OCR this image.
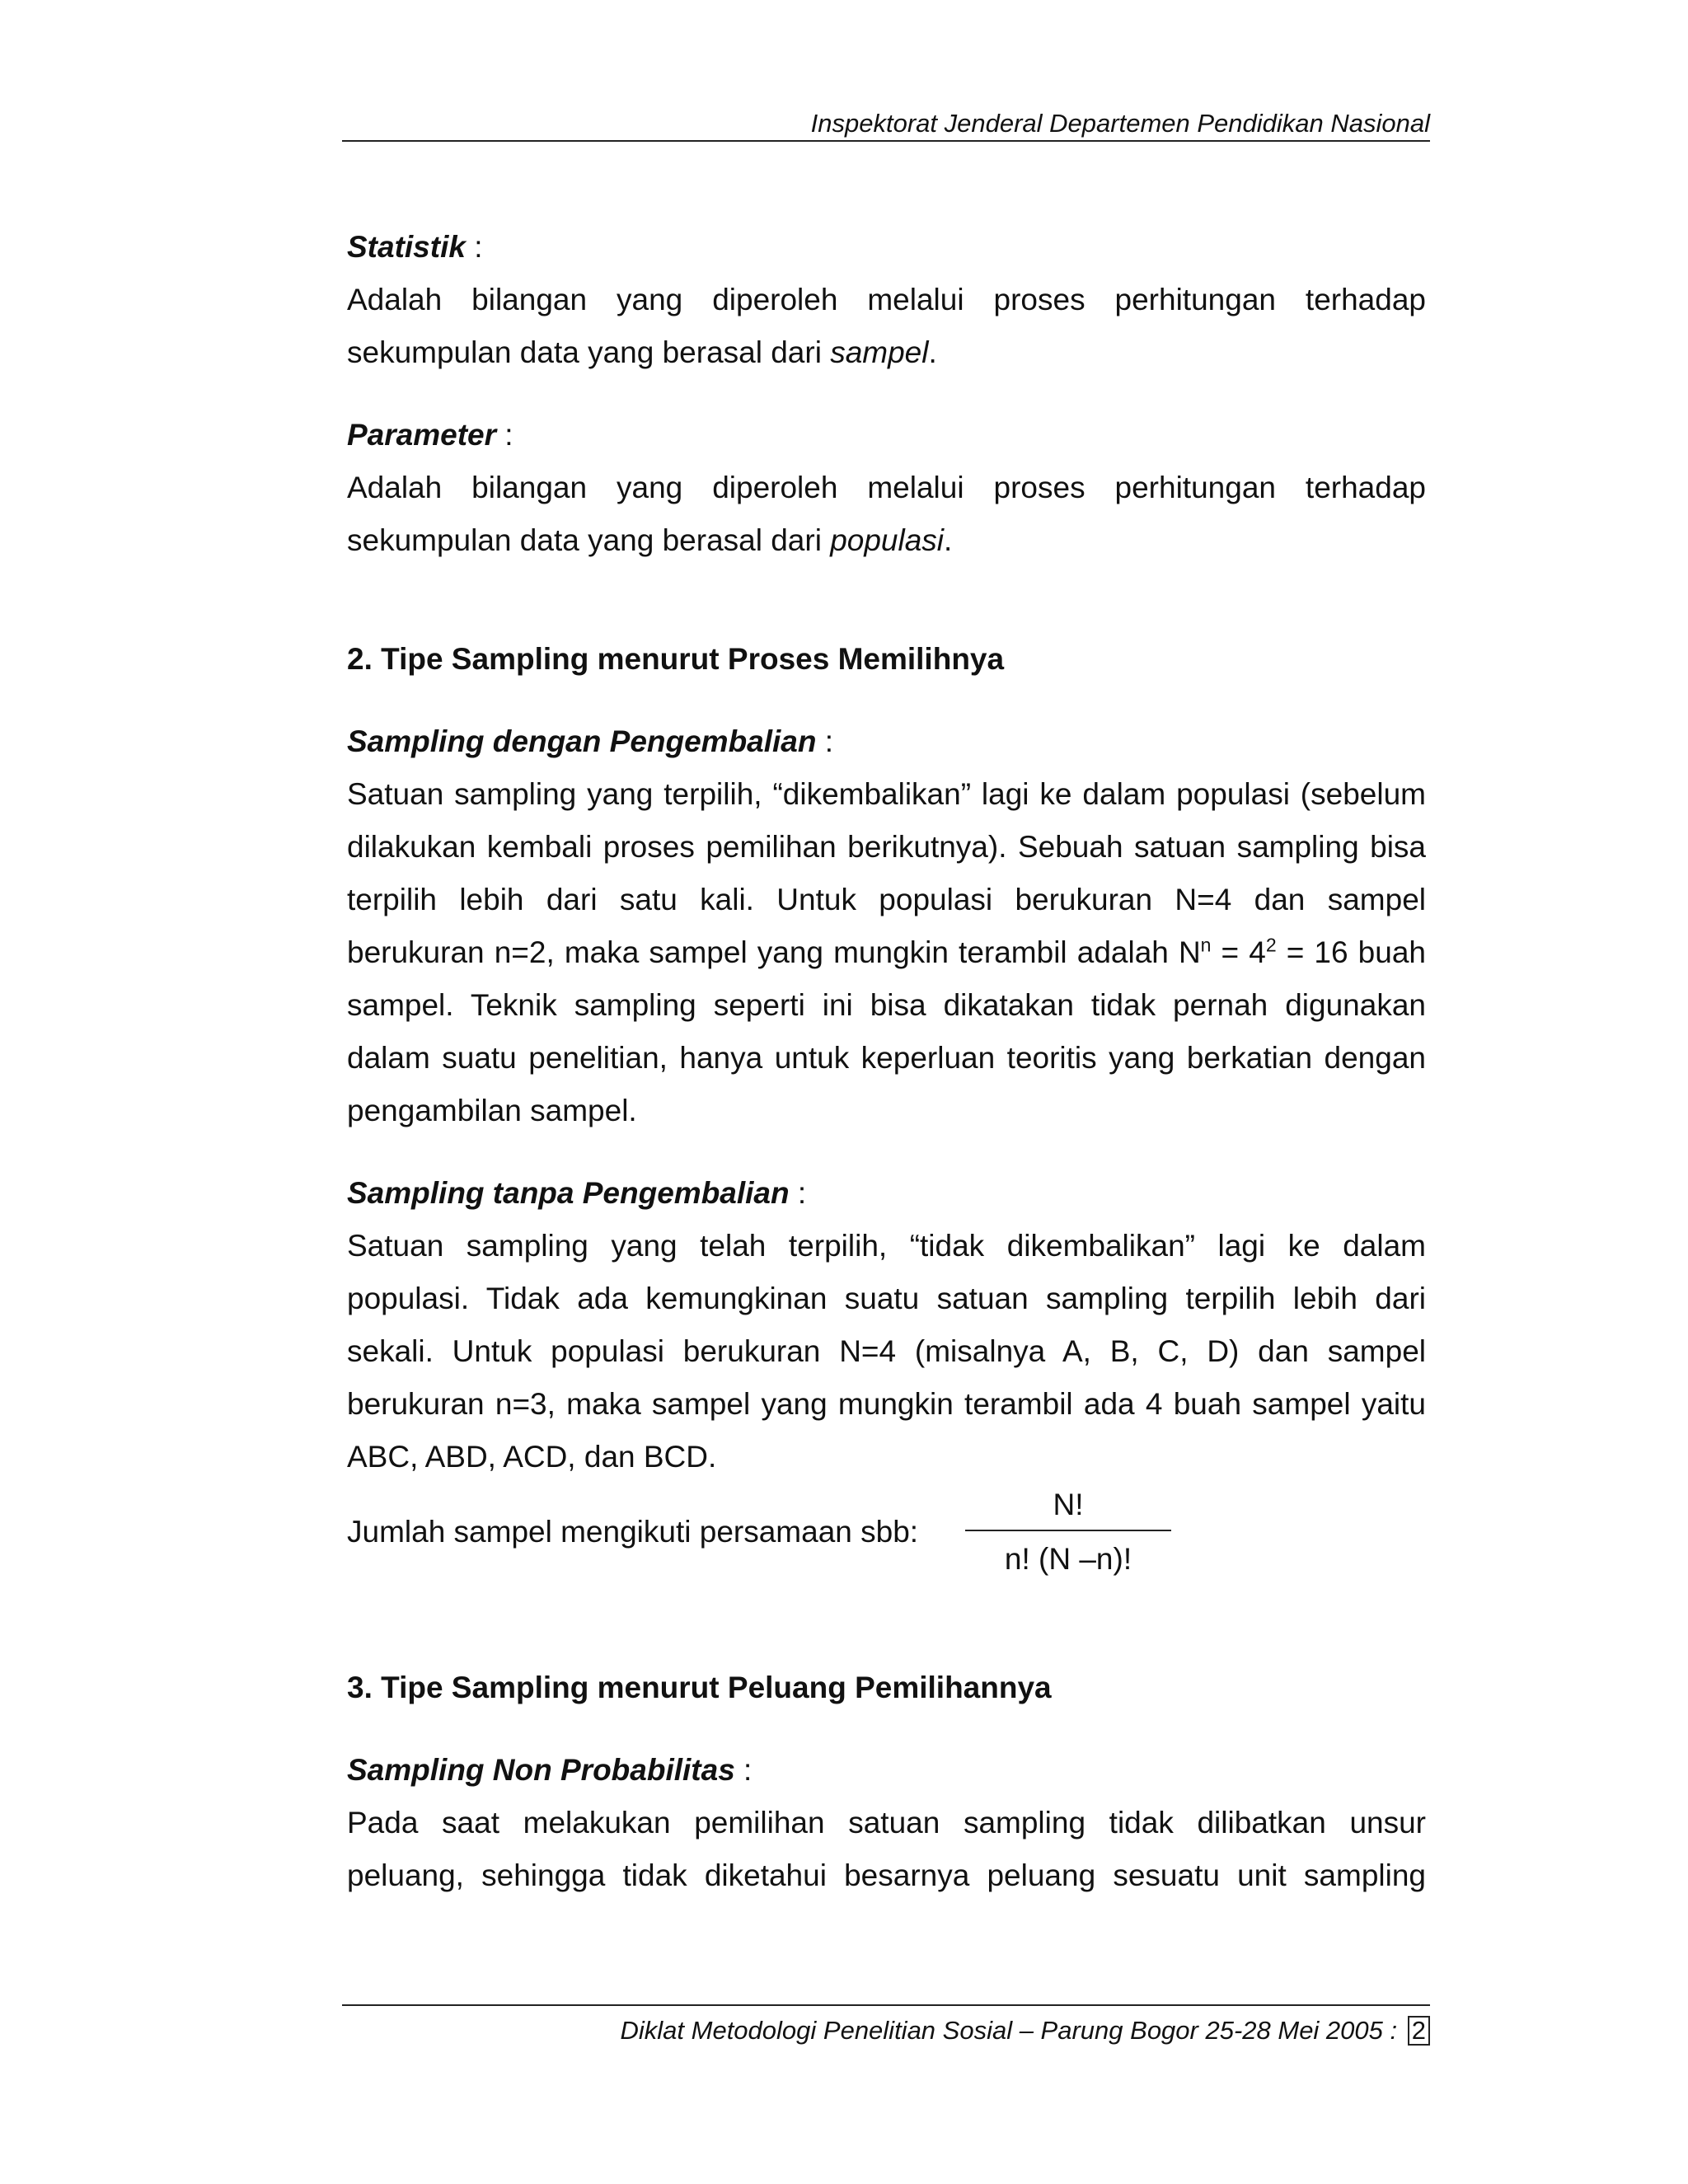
Inspektorat Jenderal Departemen Pendidikan Nasional

Statistik :

Adalah bilangan yang diperoleh melalui proses perhitungan terhadap sekumpulan data yang berasal dari sampel.

Parameter :

Adalah bilangan yang diperoleh melalui proses perhitungan terhadap sekumpulan data yang berasal dari populasi.

2. Tipe Sampling menurut Proses Memilihnya

Sampling dengan Pengembalian :

Satuan sampling yang terpilih, “dikembalikan” lagi ke dalam populasi (sebelum dilakukan kembali proses pemilihan berikutnya). Sebuah satuan sampling bisa terpilih lebih dari satu kali. Untuk populasi berukuran N=4 dan sampel berukuran n=2, maka sampel yang mungkin terambil adalah $N^n = 4^2 = 16$ buah sampel. Teknik sampling seperti ini bisa dikatakan tidak pernah digunakan dalam suatu penelitian, hanya untuk keperluan teoritis yang berkatian dengan pengambilan sampel.

Sampling tanpa Pengembalian :

Satuan sampling yang telah terpilih, “tidak dikembalikan” lagi ke dalam populasi. Tidak ada kemungkinan suatu satuan sampling terpilih lebih dari sekali. Untuk populasi berukuran N=4 (misalnya A, B, C, D) dan sampel berukuran n=3, maka sampel yang mungkin terambil ada 4 buah sampel yaitu ABC, ABD, ACD, dan BCD.

Jumlah sampel mengikuti persamaan sbb:
N!
n! (N –n)!

3. Tipe Sampling menurut Peluang Pemilihannya

Sampling Non Probabilitas :

Pada saat melakukan pemilihan satuan sampling tidak dilibatkan unsur peluang, sehingga tidak diketahui besarnya peluang sesuatu unit sampling

Diklat Metodologi Penelitian Sosial – Parung Bogor 25-28 Mei 2005 : 2
